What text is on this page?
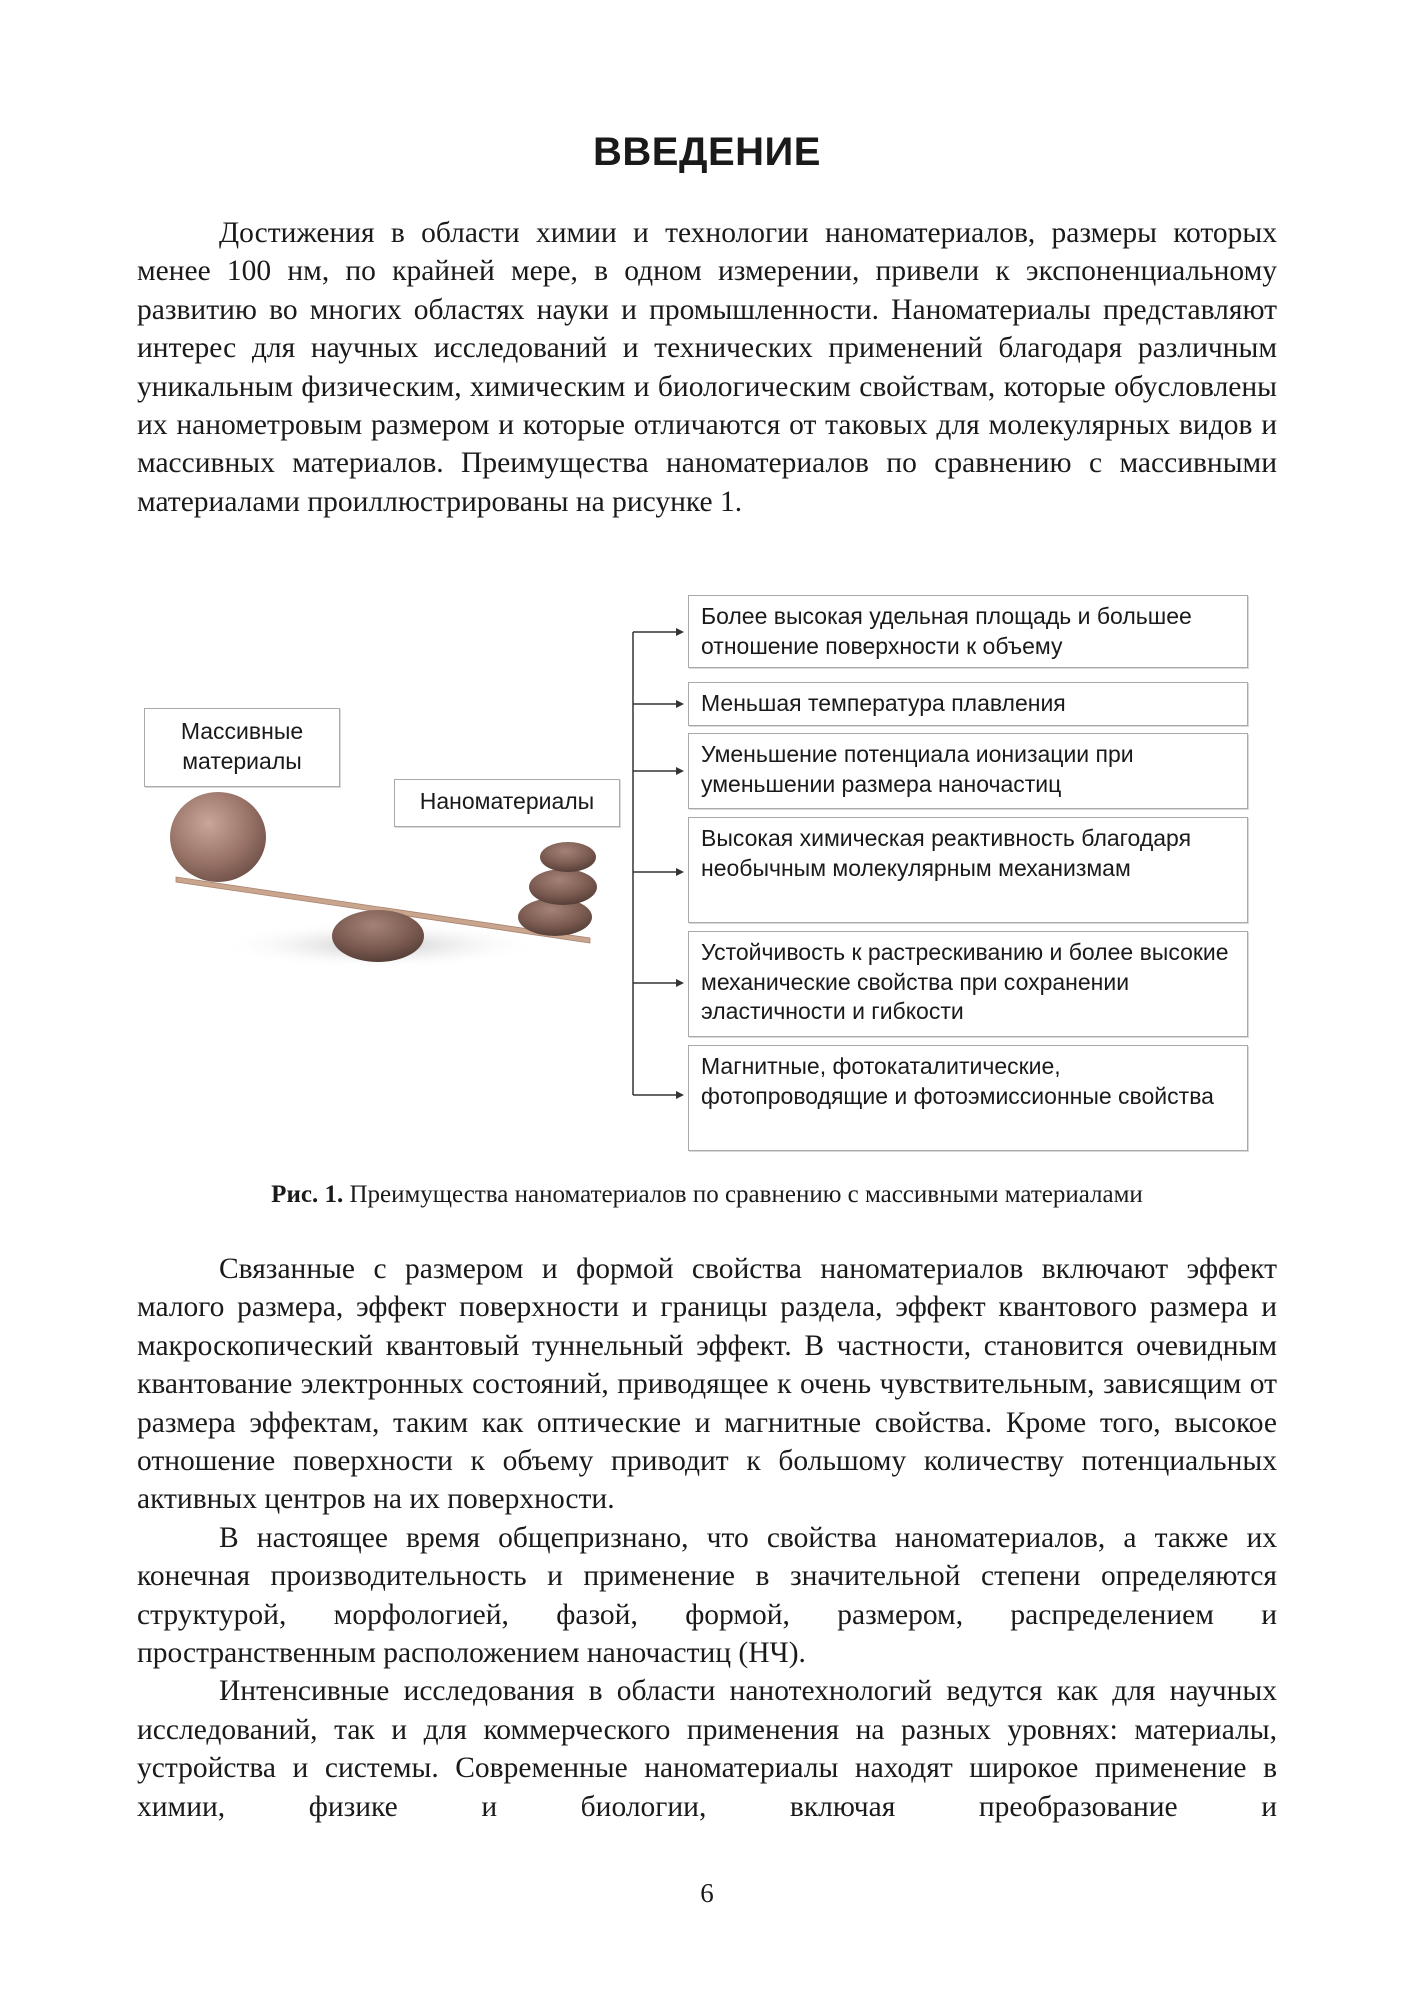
ВВЕДЕНИЕ

Достижения в области химии и технологии наноматериалов, размеры которых менее 100 нм, по крайней мере, в одном измерении, привели к экспоненциальному развитию во многих областях науки и промышленности. Наноматериалы представляют интерес для научных исследований и технических применений благодаря различным уникальным физическим, химическим и биологическим свойствам, которые обусловлены их нанометровым размером и которые отличаются от таковых для молекулярных видов и массивных материалов. Преимущества наноматериалов по сравнению с массивными материалами проиллюстрированы на рисунке 1.

Массивные материалы
Наноматериалы
Более высокая удельная площадь и большее отношение поверхности к объему
Меньшая температура плавления
Уменьшение потенциала ионизации при уменьшении размера наночастиц
Высокая химическая реактивность благодаря необычным молекулярным механизмам
Устойчивость к растрескиванию и более высокие механические свойства при сохранении эластичности и гибкости
Магнитные, фотокаталитические, фотопроводящие и фотоэмиссионные свойства
Рис. 1. Преимущества наноматериалов по сравнению с массивными материалами

Связанные с размером и формой свойства наноматериалов включают эффект малого размера, эффект поверхности и границы раздела, эффект квантового размера и макроскопический квантовый туннельный эффект. В частности, становится очевидным квантование электронных состояний, приводящее к очень чувствительным, зависящим от размера эффектам, таким как оптические и магнитные свойства. Кроме того, высокое отношение поверхности к объему приводит к большому количеству потенциальных активных центров на их поверхности.

В настоящее время общепризнано, что свойства наноматериалов, а также их конечная производительность и применение в значительной степени определяются структурой, морфологией, фазой, формой, размером, распределением и пространственным расположением наночастиц (НЧ).

Интенсивные исследования в области нанотехнологий ведутся как для научных исследований, так и для коммерческого применения на разных уровнях: материалы, устройства и системы. Современные наноматериалы находят широкое применение в химии, физике и биологии, включая преобразование и

6
